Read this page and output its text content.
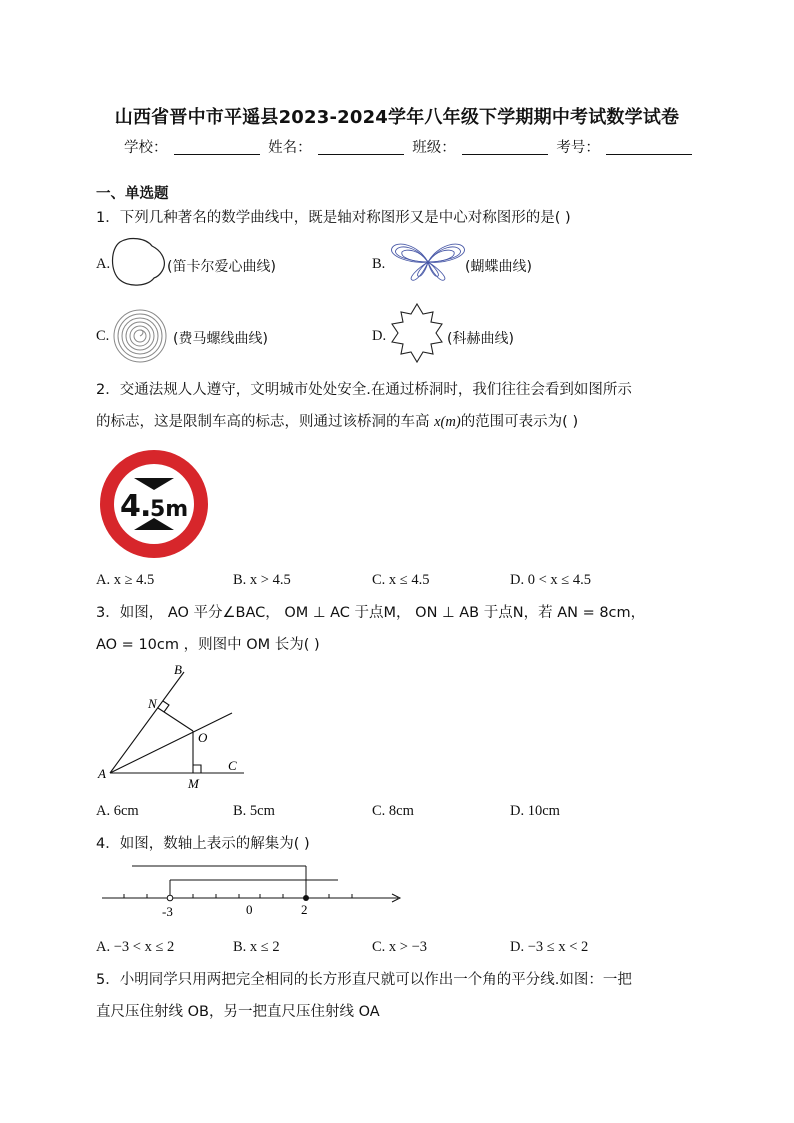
山西省晋中市平遥县2023-2024学年八年级下学期期中考试数学试卷
学校：	姓名：	班级：	考号：
一、单选题
1．下列几种著名的数学曲线中，既是轴对称图形又是中心对称图形的是( )
A.	(笛卡尔爱心曲线)	B.	(蝴蝶曲线)
C.	(费马螺线曲线)	D.	(科赫曲线)
2．交通法规人人遵守，文明城市处处安全.在通过桥洞时，我们往往会看到如图所示
的标志，这是限制车高的标志，则通过该桥洞的车高 x(m)的范围可表示为( )
4 .
5m
A. x ≥ 4.5	B. x > 4.5	C. x ≤ 4.5	D. 0 < x ≤ 4.5
3．如图， AO 平分∠BAC， OM ⊥ AC 于点M， ON ⊥ AB 于点N，若 AN = 8cm，
AO = 10cm ，则图中 OM 长为( )
A
B
C
N
O
M
A. 6cm	B. 5cm	C. 8cm	D. 10cm
4．如图，数轴上表示的解集为( )
-3	0	2
A. −3 < x ≤ 2	B. x ≤ 2	C. x > −3	D. −3 ≤ x < 2
5．小明同学只用两把完全相同的长方形直尺就可以作出一个角的平分线.如图：一把
直尺压住射线 OB，另一把直尺压住射线 OA
